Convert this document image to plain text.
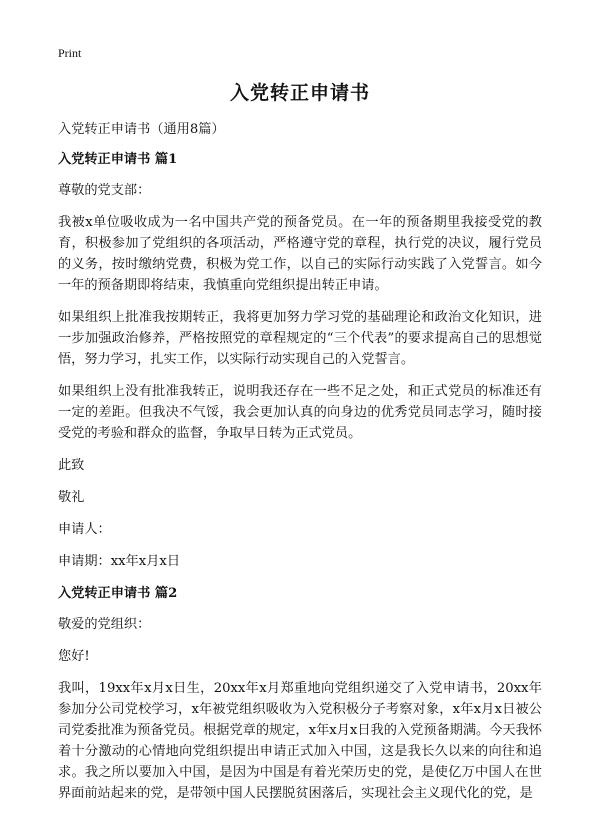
Print
入党转正申请书

入党转正申请书（通用8篇）

入党转正申请书 篇1

尊敬的党支部：

我被x单位吸收成为一名中国共产党的预备党员。在一年的预备期里我接受党的教育，积极参加了党组织的各项活动，严格遵守党的章程，执行党的决议，履行党员的义务，按时缴纳党费，积极为党工作，以自己的实际行动实践了入党誓言。如今一年的预备期即将结束，我慎重向党组织提出转正申请。

如果组织上批准我按期转正，我将更加努力学习党的基础理论和政治文化知识，进一步加强政治修养，严格按照党的章程规定的“三个代表”的要求提高自己的思想觉悟，努力学习，扎实工作，以实际行动实现自己的入党誓言。

如果组织上没有批准我转正，说明我还存在一些不足之处，和正式党员的标准还有一定的差距。但我决不气馁，我会更加认真的向身边的优秀党员同志学习，随时接受党的考验和群众的监督，争取早日转为正式党员。

此致

敬礼

申请人：

申请期：xx年x月x日

入党转正申请书 篇2

敬爱的党组织：

您好!

我叫，19xx年x月x日生，20xx年x月郑重地向党组织递交了入党申请书，20xx年参加分公司党校学习，x年被党组织吸收为入党积极分子考察对象，x年x月x日被公司党委批准为预备党员。根据党章的规定，x年x月x日我的入党预备期满。今天我怀着十分激动的心情地向党组织提出申请正式加入中国，这是我长久以来的向往和追求。我之所以要加入中国，是因为中国是有着光荣历史的党，是使亿万中国人在世界面前站起来的党，是带领中国人民摆脱贫困落后，实现社会主义现代化的党，是
